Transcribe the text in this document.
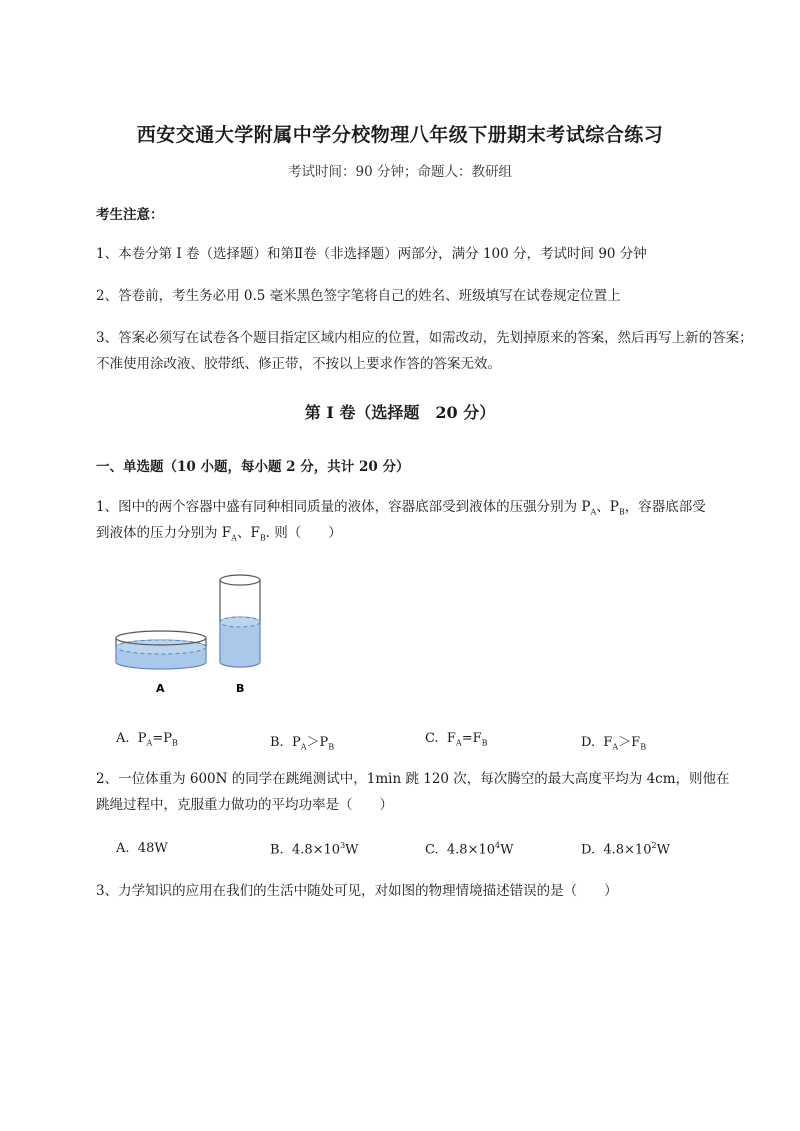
西安交通大学附属中学分校物理八年级下册期末考试综合练习
考试时间：90 分钟；命题人：教研组
考生注意：
1、本卷分第 I 卷（选择题）和第Ⅱ卷（非选择题）两部分，满分 100 分，考试时间 90 分钟
2、答卷前，考生务必用 0.5 毫米黑色签字笔将自己的姓名、班级填写在试卷规定位置上
3、答案必须写在试卷各个题目指定区域内相应的位置，如需改动，先划掉原来的答案，然后再写上新的答案；不准使用涂改液、胶带纸、修正带，不按以上要求作答的答案无效。
第 I 卷（选择题　20 分）
一、单选题（10 小题，每小题 2 分，共计 20 分）
1、图中的两个容器中盛有同种相同质量的液体，容器底部受到液体的压强分别为 $P_A$、$P_B$，容器底部受
到液体的压力分别为 $F_A$、$F_B$. 则（　　）
A	B
A. $P_A=P_B$	B. $P_A>P_B$
C. $F_A=F_B$	D. $F_A>F_B$
2、一位体重为 600N 的同学在跳绳测试中，1min 跳 120 次，每次腾空的最大高度平均为 4cm，则他在
跳绳过程中，克服重力做功的平均功率是（　　）
A. 48W	B. $4.8\times 10^3W$	C. $4.8\times 10^4W$	D. $4.8\times 10^2W$
3、力学知识的应用在我们的生活中随处可见，对如图的物理情境描述错误的是（　　）
